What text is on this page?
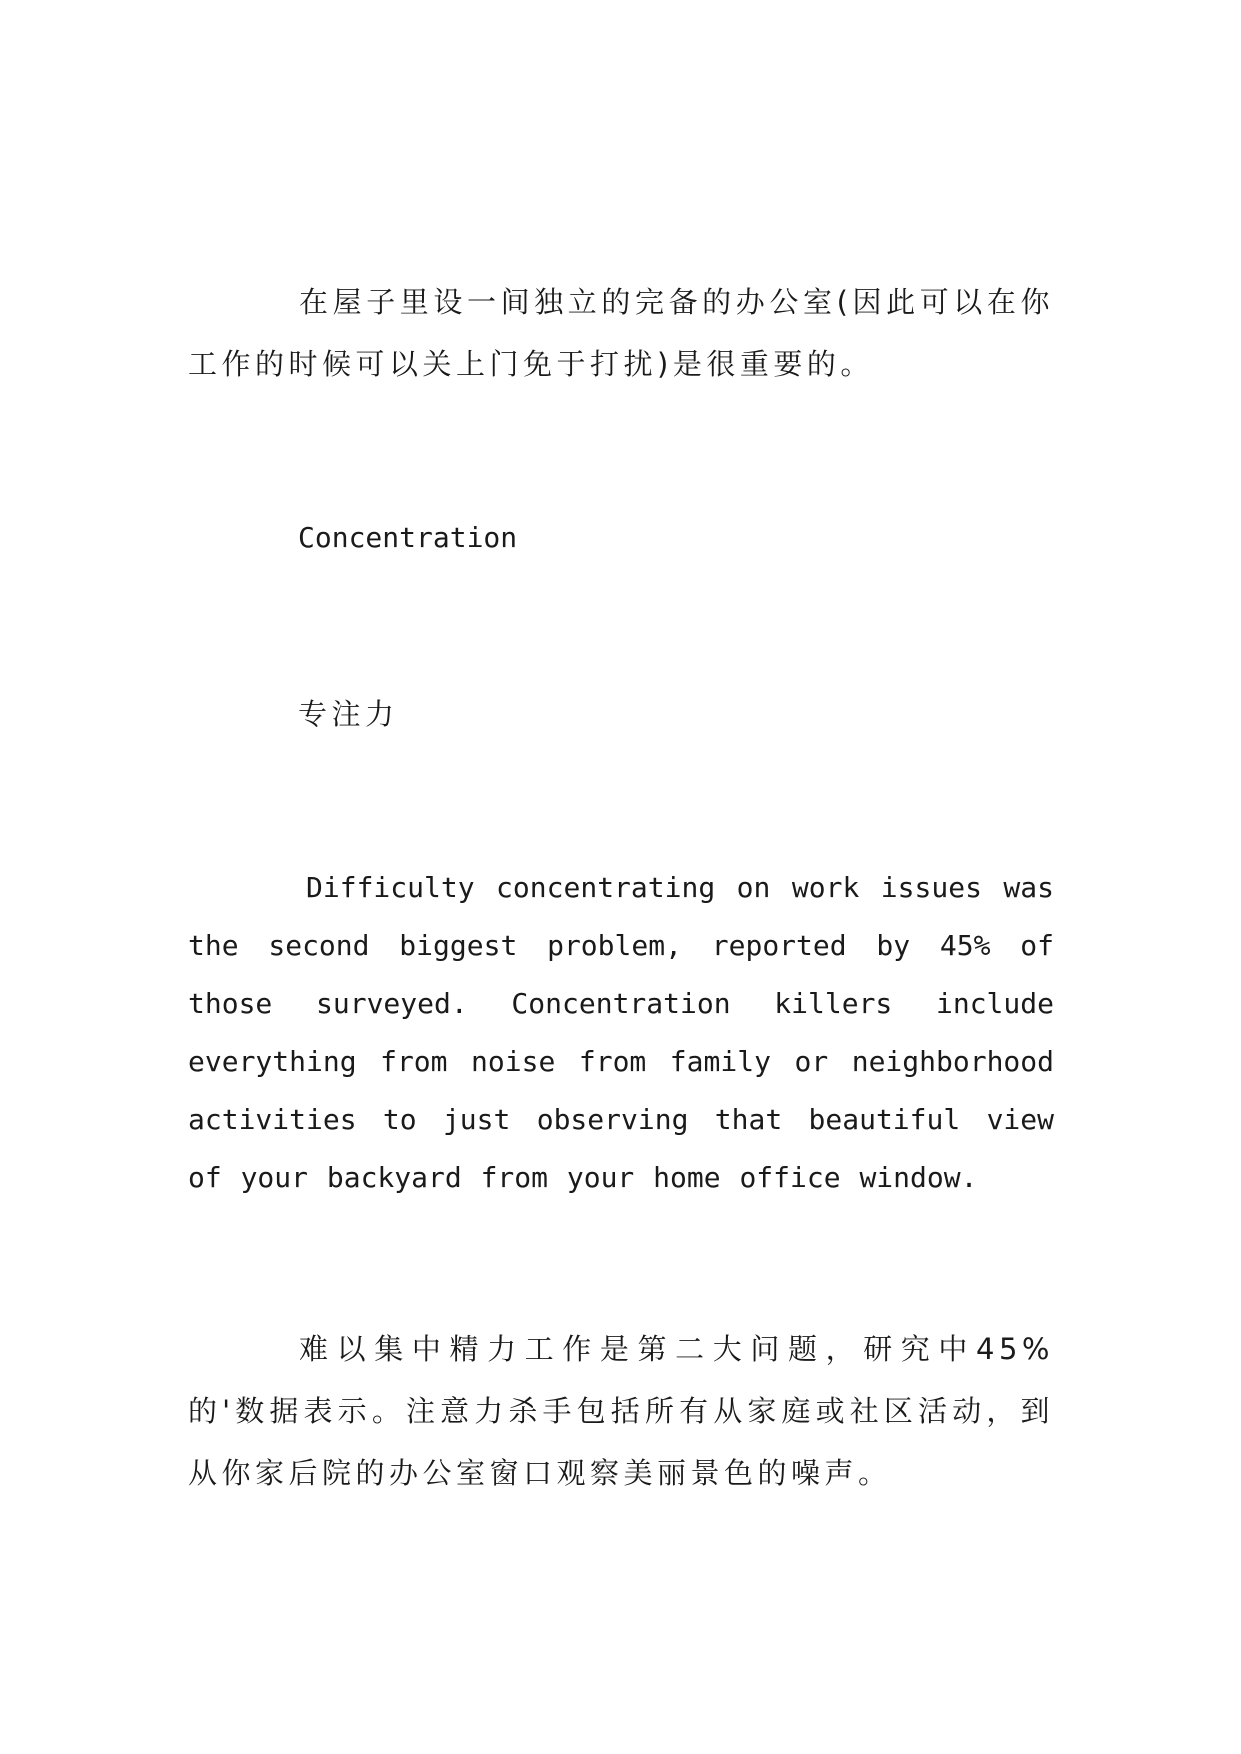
在屋子里设一间独立的完备的办公室(因此可以在你工作的时候可以关上门免于打扰)是很重要的。

Concentration

专注力

Difficulty concentrating on work issues was the second biggest problem, reported by 45% of those surveyed. Concentration killers include everything from noise from family or neighborhood activities to just observing that beautiful view of your backyard from your home office window.

难以集中精力工作是第二大问题，研究中45%的'数据表示。注意力杀手包括所有从家庭或社区活动，到从你家后院的办公室窗口观察美丽景色的噪声。
